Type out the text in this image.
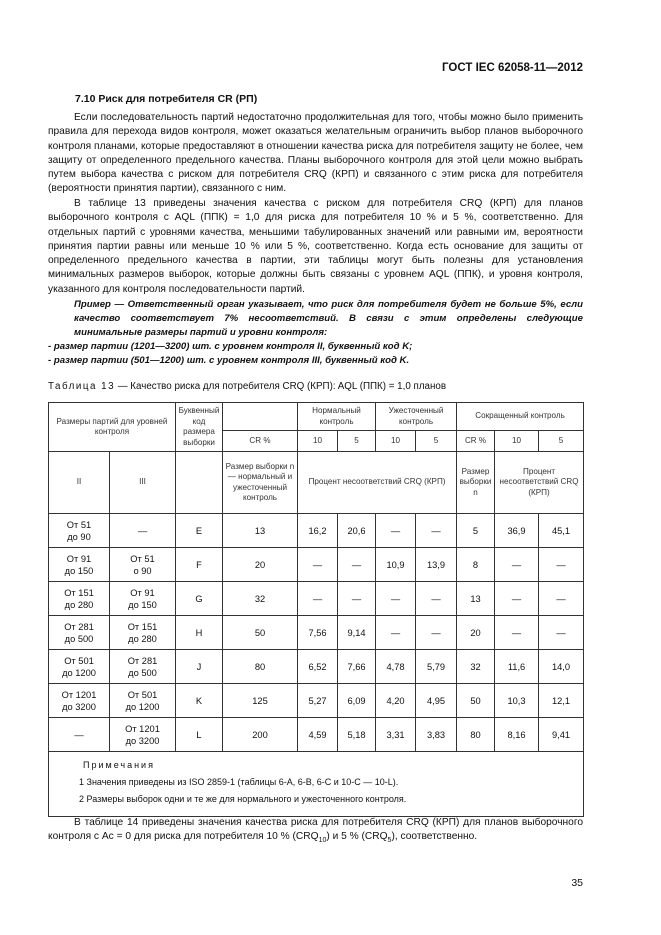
ГОСТ IEC 62058-11—2012
7.10 Риск для потребителя CR (РП)

Если последовательность партий недостаточно продолжительная для того, чтобы можно было применить правила для перехода видов контроля, может оказаться желательным ограничить выбор планов выборочного контроля планами, которые предоставляют в отношении качества риска для потребителя защиту не более, чем защиту от определенного предельного качества. Планы выборочного контроля для этой цели можно выбрать путем выбора качества с риском для потребителя CRQ (КРП) и связанного с этим риска для потребителя (вероятности принятия партии), связанного с ним.

В таблице 13 приведены значения качества с риском для потребителя CRQ (КРП) для планов выборочного контроля с AQL (ППК) = 1,0 для риска для потребителя 10 % и 5 %, соответственно. Для отдельных партий с уровнями качества, меньшими табулированных значений или равными им, вероятности принятия партии равны или меньше 10 % или 5 %, соответственно. Когда есть основание для защиты от определенного предельного качества в партии, эти таблицы могут быть полезны для установления минимальных размеров выборок, которые должны быть связаны с уровнем AQL (ППК), и уровня контроля, указанного для контроля последовательности партий.

Пример — Ответственный орган указывает, что риск для потребителя будет не больше 5%, если качество соответствует 7% несоответствий. В связи с этим определены следующие минимальные размеры партий и уровни контроля:
- размер партии (1201—3200) шт. с уровнем контроля II, буквенный код K;
- размер партии (501—1200) шт. с уровнем контроля III, буквенный код K.
Таблица 13 — Качество риска для потребителя CRQ (КРП): AQL (ППК) = 1,0 планов
Размеры партий для уровней контроля		Буквенный код размера выборки		Нормальный контроль		Ужесточенный контроль		Сокращенный контроль		
			CR %	10	5	10	5	CR %	10	5
II	III		Размер выборки n — нормальный и ужесточенный контроль	Процент несоответствий CRQ (КРП)				Размер выборки n	Процент несоответствий CRQ (КРП)	
От 51
до 90	—	E	13	16,2	20,6	—	—	5	36,9	45,1
От 91
до 150	От 51
о 90	F	20	—	—	10,9	13,9	8	—	—
От 151
до 280	От 91
до 150	G	32	—	—	—	—	13	—	—
От 281
до 500	От 151
до 280	H	50	7,56	9,14	—	—	20	—	—
От 501
до 1200	От 281
до 500	J	80	6,52	7,66	4,78	5,79	32	11,6	14,0
От 1201
до 3200	От 501
до 1200	K	125	5,27	6,09	4,20	4,95	50	10,3	12,1
—	От 1201
до 3200	L	200	4,59	5,18	3,31	3,83	80	8,16	9,41

Примечания
1 Значения приведены из ISO 2859-1 (таблицы 6-A, 6-B, 6-C и 10-C — 10-L).
2 Размеры выборок одни и те же для нормального и ужесточенного контроля.										

В таблице 14 приведены значения качества риска для потребителя CRQ (КРП) для планов выборочного контроля с Ac = 0 для риска для потребителя 10 % $(CRQ_{10})$ и 5 % $(CRQ_5)$, соответственно.

35
